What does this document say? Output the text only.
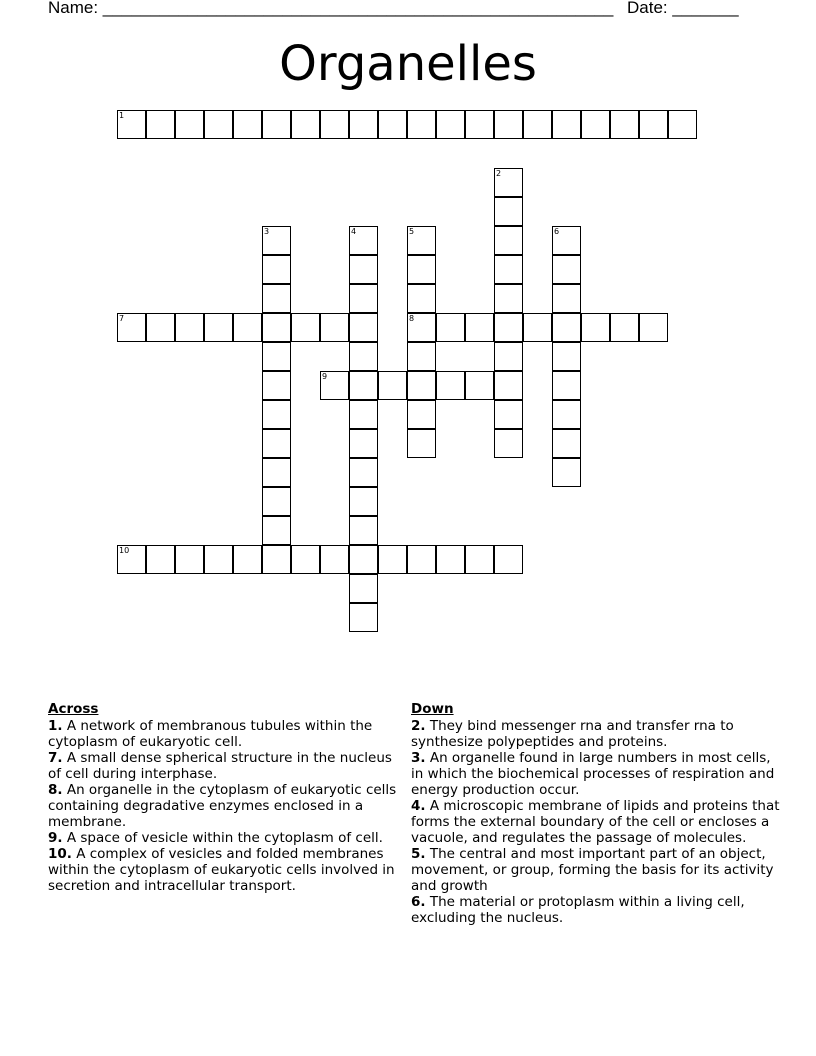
Name: ______________________________________________________ Date: _______
Organelles
1
7	8
9
10
2
3	4	5	6
Across
1. A network of membranous tubules within the cytoplasm of eukaryotic cell.
7. A small dense spherical structure in the nucleus of cell during interphase.
8. An organelle in the cytoplasm of eukaryotic cells containing degradative enzymes enclosed in a membrane.
9. A space of vesicle within the cytoplasm of cell.
10. A complex of vesicles and folded membranes within the cytoplasm of eukaryotic cells involved in secretion and intracellular transport.
Down
2. They bind messenger rna and transfer rna to synthesize polypeptides and proteins.
3. An organelle found in large numbers in most cells, in which the biochemical processes of respiration and energy production occur.
4. A microscopic membrane of lipids and proteins that forms the external boundary of the cell or encloses a vacuole, and regulates the passage of molecules.
5. The central and most important part of an object, movement, or group, forming the basis for its activity and growth
6. The material or protoplasm within a living cell, excluding the nucleus.
